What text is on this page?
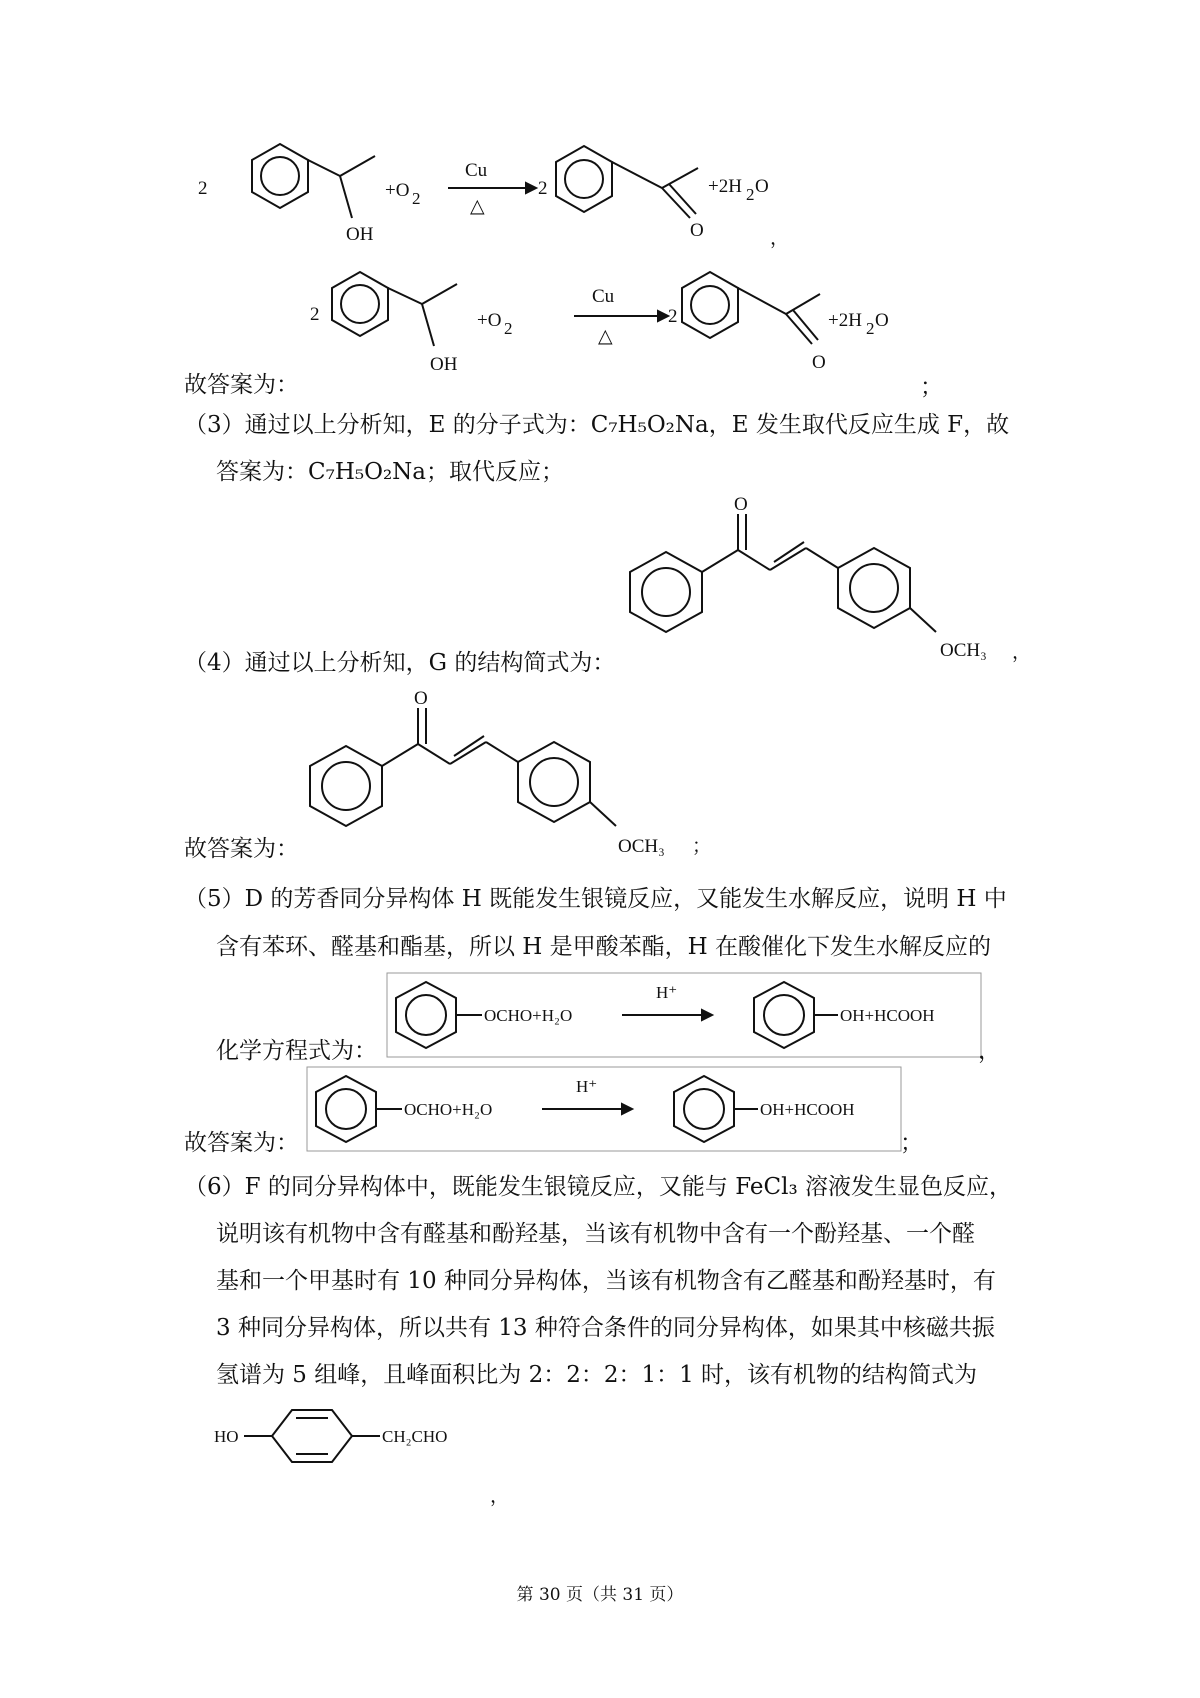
2
OH
+O 2
Cu
△
2
O
+2H 2 O
，
故答案为：
2
OH
+O 2
Cu
△
2
O
+2H 2 O
；
（3）通过以上分析知，E 的分子式为：C₇H₅O₂Na，E 发生取代反应生成 F，故
答案为：C₇H₅O₂Na；取代反应；
O
OCH₃ ，
（4）通过以上分析知，G 的结构简式为：
O
OCH₃ ；
故答案为：
（5）D 的芳香同分异构体 H 既能发生银镜反应，又能发生水解反应，说明 H 中
含有苯环、醛基和酯基，所以 H 是甲酸苯酯，H 在酸催化下发生水解反应的
OCHO+H₂O
H⁺
OH+HCOOH
化学方程式为：	，
OCHO+H₂O
H⁺
OH+HCOOH
故答案为：	；
（6）F 的同分异构体中，既能发生银镜反应，又能与 FeCl₃ 溶液发生显色反应，
说明该有机物中含有醛基和酚羟基，当该有机物中含有一个酚羟基、一个醛
基和一个甲基时有 10 种同分异构体，当该有机物含有乙醛基和酚羟基时，有
3 种同分异构体，所以共有 13 种符合条件的同分异构体，如果其中核磁共振
氢谱为 5 组峰，且峰面积比为 2：2：2：1：1 时，该有机物的结构简式为
HO	CH₂CHO
，
第 30 页（共 31 页）
